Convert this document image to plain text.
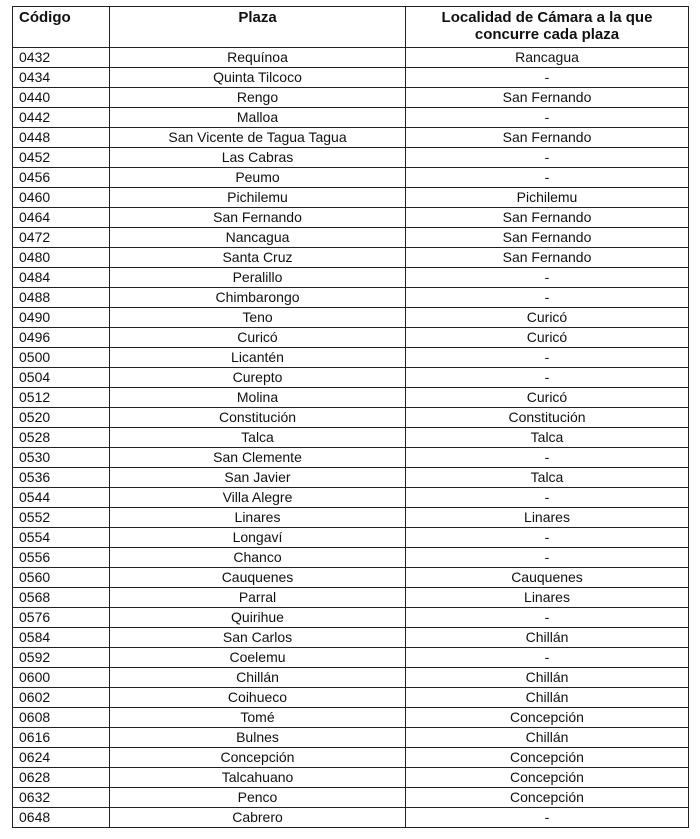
Código	Plaza	Localidad de Cámara a la que concurre cada plaza
0432	Requínoa	Rancagua
0434	Quinta Tilcoco	-
0440	Rengo	San Fernando
0442	Malloa	-
0448	San Vicente de Tagua Tagua	San Fernando
0452	Las Cabras	-
0456	Peumo	-
0460	Pichilemu	Pichilemu
0464	San Fernando	San Fernando
0472	Nancagua	San Fernando
0480	Santa Cruz	San Fernando
0484	Peralillo	-
0488	Chimbarongo	-
0490	Teno	Curicó
0496	Curicó	Curicó
0500	Licantén	-
0504	Curepto	-
0512	Molina	Curicó
0520	Constitución	Constitución
0528	Talca	Talca
0530	San Clemente	-
0536	San Javier	Talca
0544	Villa Alegre	-
0552	Linares	Linares
0554	Longaví	-
0556	Chanco	-
0560	Cauquenes	Cauquenes
0568	Parral	Linares
0576	Quirihue	-
0584	San Carlos	Chillán
0592	Coelemu	-
0600	Chillán	Chillán
0602	Coihueco	Chillán
0608	Tomé	Concepción
0616	Bulnes	Chillán
0624	Concepción	Concepción
0628	Talcahuano	Concepción
0632	Penco	Concepción
0648	Cabrero	-
